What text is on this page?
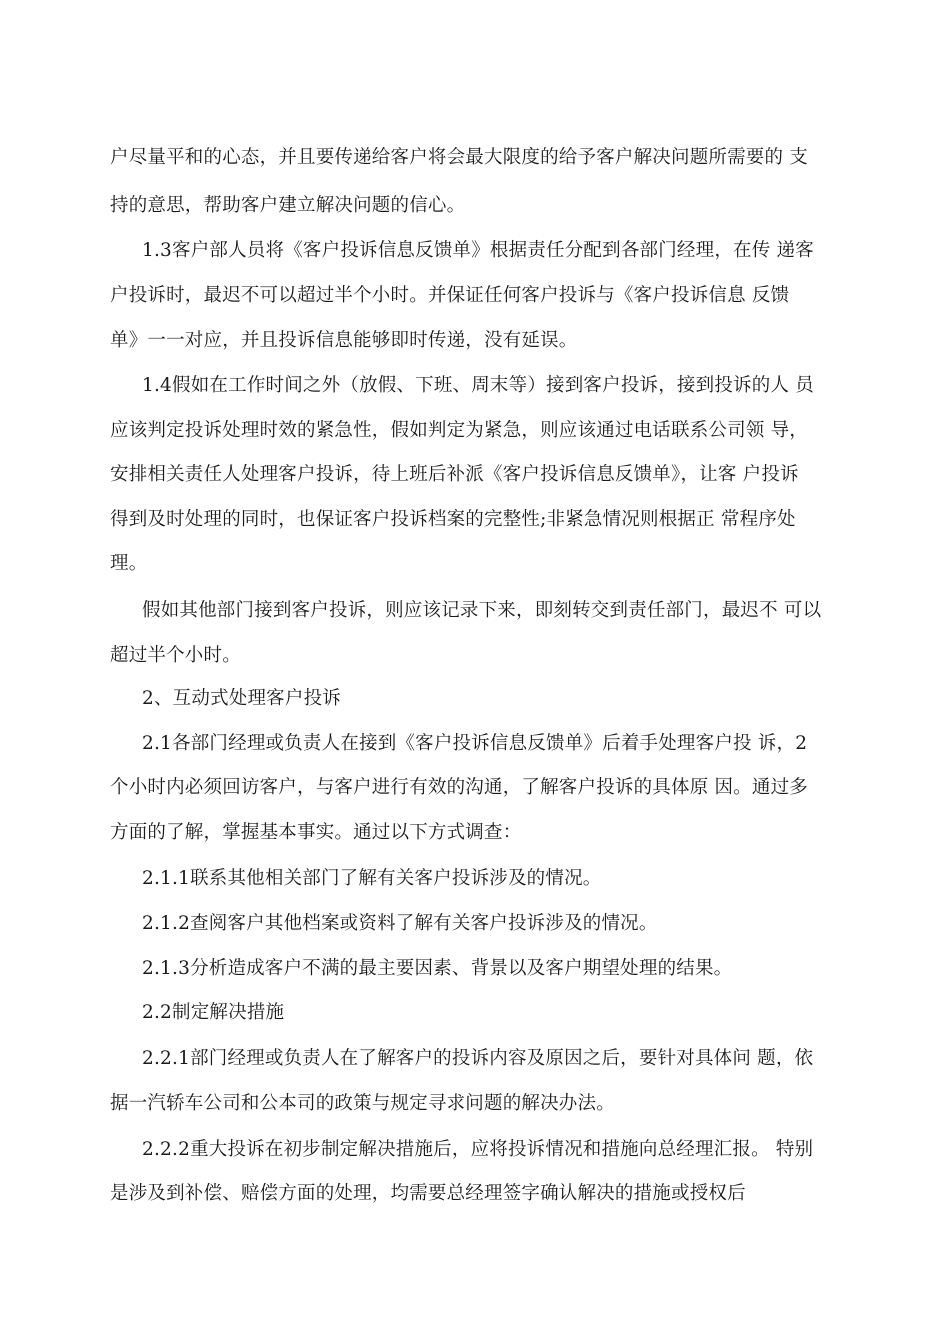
户尽量平和的心态，并且要传递给客户将会最大限度的给予客户解决问题所需要的 支
持的意思，帮助客户建立解决问题的信心。
1.3客户部人员将《客户投诉信息反馈单》根据责任分配到各部门经理，在传 递客
户投诉时，最迟不可以超过半个小时。并保证任何客户投诉与《客户投诉信息 反馈
单》一一对应，并且投诉信息能够即时传递，没有延误。
1.4假如在工作时间之外（放假、下班、周末等）接到客户投诉，接到投诉的人 员
应该判定投诉处理时效的紧急性，假如判定为紧急，则应该通过电话联系公司领 导，
安排相关责任人处理客户投诉，待上班后补派《客户投诉信息反馈单》，让客 户投诉
得到及时处理的同时，也保证客户投诉档案的完整性;非紧急情况则根据正 常程序处
理。
假如其他部门接到客户投诉，则应该记录下来，即刻转交到责任部门，最迟不 可以
超过半个小时。
2、互动式处理客户投诉
2.1各部门经理或负责人在接到《客户投诉信息反馈单》后着手处理客户投 诉，2
个小时内必须回访客户，与客户进行有效的沟通，了解客户投诉的具体原 因。通过多
方面的了解，掌握基本事实。通过以下方式调查：
2.1.1联系其他相关部门了解有关客户投诉涉及的情况。
2.1.2查阅客户其他档案或资料了解有关客户投诉涉及的情况。
2.1.3分析造成客户不满的最主要因素、背景以及客户期望处理的结果。
2.2制定解决措施
2.2.1部门经理或负责人在了解客户的投诉内容及原因之后，要针对具体问 题，依
据一汽轿车公司和公本司的政策与规定寻求问题的解决办法。
2.2.2重大投诉在初步制定解决措施后，应将投诉情况和措施向总经理汇报。 特别
是涉及到补偿、赔偿方面的处理，均需要总经理签字确认解决的措施或授权后
